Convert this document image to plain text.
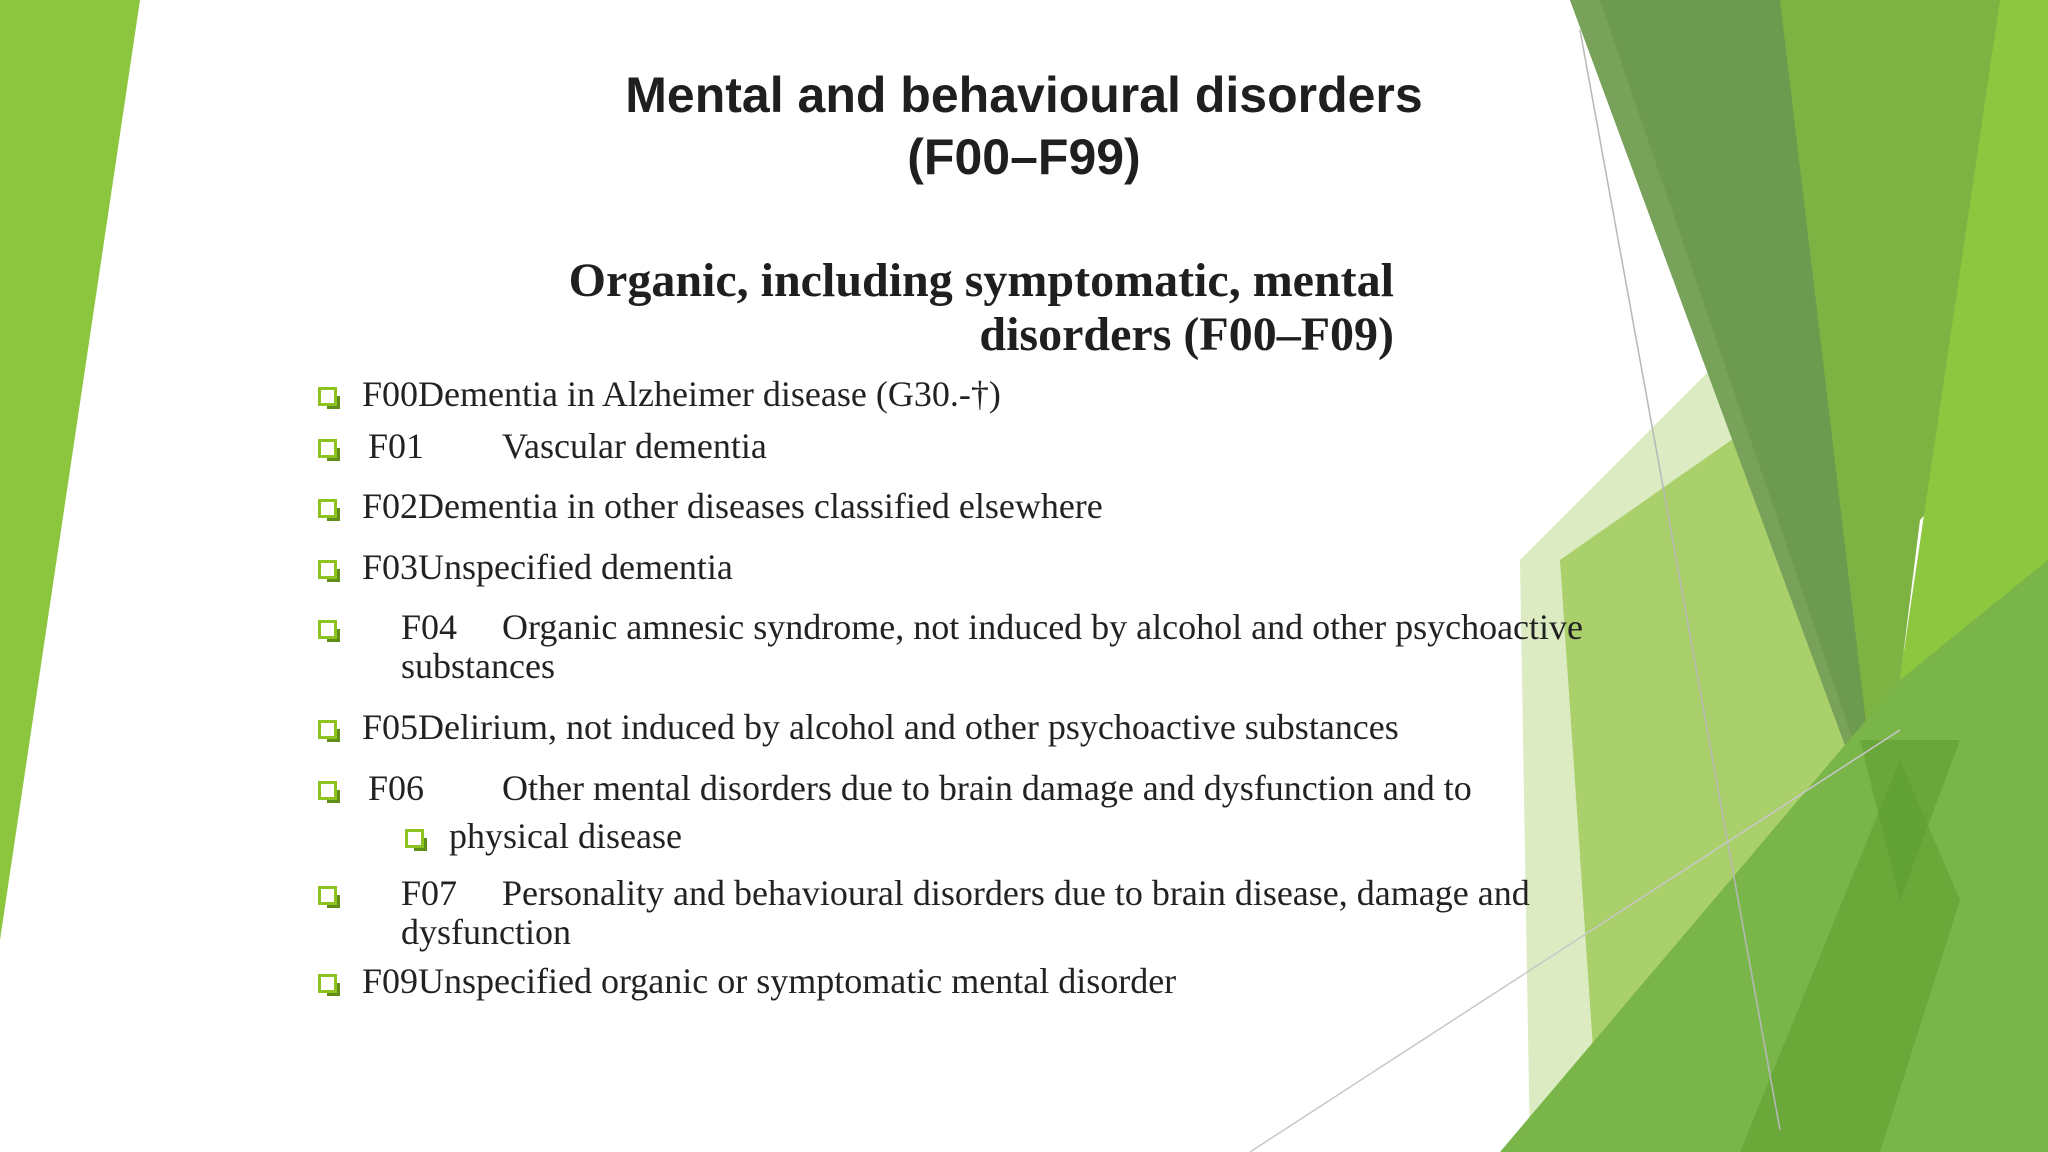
Mental and behavioural disorders
(F00–F99)
Organic, including symptomatic, mental
disorders (F00–F09)
F00Dementia in Alzheimer disease (G30.-†)
F01 Vascular dementia
F02Dementia in other diseases classified elsewhere
F03Unspecified dementia
F04 Organic amnesic syndrome, not induced by alcohol and other psychoactive
substances
F05Delirium, not induced by alcohol and other psychoactive substances
F06 Other mental disorders due to brain damage and dysfunction and to
physical disease
F07 Personality and behavioural disorders due to brain disease, damage and
dysfunction
F09Unspecified organic or symptomatic mental disorder
